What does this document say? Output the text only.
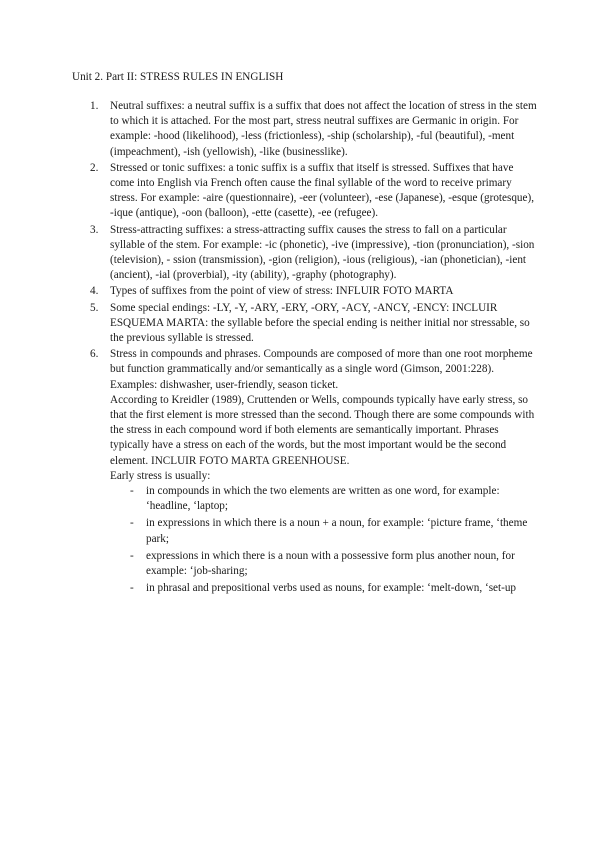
Unit 2. Part II: STRESS RULES IN ENGLISH

1.	Neutral suffixes: a neutral suffix is a suffix that does not affect the location of stress in the stem to which it is attached. For the most part, stress neutral suffixes are Germanic in origin. For example: -hood (likelihood), -less (frictionless), -ship (scholarship), -ful (beautiful), -ment (impeachment), -ish (yellowish), -like (businesslike).

2.	Stressed or tonic suffixes: a tonic suffix is a suffix that itself is stressed. Suffixes that have come into English via French often cause the final syllable of the word to receive primary stress. For example: -aire (questionnaire), -eer (volunteer), -ese (Japanese), -esque (grotesque), -ique (antique), -oon (balloon), -ette (casette), -ee (refugee).

3.	Stress-attracting suffixes: a stress-attracting suffix causes the stress to fall on a particular syllable of the stem. For example: -ic (phonetic), -ive (impressive), -tion (pronunciation), -sion (television), - ssion (transmission), -gion (religion), -ious (religious), -ian (phonetician), -ient (ancient), -ial (proverbial), -ity (ability), -graphy (photography).

4.	Types of suffixes from the point of view of stress: INFLUIR FOTO MARTA

5.	Some special endings: -LY, -Y, -ARY, -ERY, -ORY, -ACY, -ANCY, -ENCY: INCLUIR ESQUEMA MARTA: the syllable before the special ending is neither initial nor stressable, so the previous syllable is stressed.

6.	Stress in compounds and phrases. Compounds are composed of more than one root morpheme but function grammatically and/or semantically as a single word (Gimson, 2001:228). Examples: dishwasher, user-friendly, season ticket.

According to Kreidler (1989), Cruttenden or Wells, compounds typically have early stress, so that the first element is more stressed than the second. Though there are some compounds with the stress in each compound word if both elements are semantically important. Phrases typically have a stress on each of the words, but the most important would be the second element. INCLUIR FOTO MARTA GREENHOUSE.

Early stress is usually:

- in compounds in which the two elements are written as one word, for example: ‘headline, ‘laptop;
- in expressions in which there is a noun + a noun, for example: ‘picture frame, ‘theme park;
- expressions in which there is a noun with a possessive form plus another noun, for example: ‘job-sharing;
- in phrasal and prepositional verbs used as nouns, for example: ‘melt-down, ‘set-up
